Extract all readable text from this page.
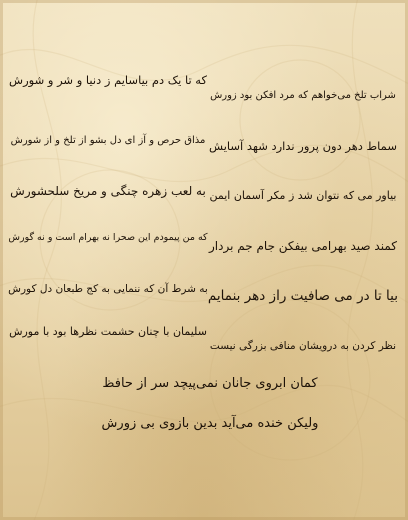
شراب تلخ می‌خواهم که مرد افکن بود زورش
که تا یک دم بیاسایم ز دنیا و شر و شورش
سماط دهر دون پرور ندارد شهد آسایش
مذاق حرص و آز ای دل بشو از تلخ و از شورش
بیاور می که نتوان شد ز مکر آسمان ایمن
به لعب زهره چنگی و مریخ سلحشورش
کمند صید بهرامی بیفکن جام جم بردار
که من پیمودم این صحرا نه بهرام است و نه گورش
بیا تا در می صافیت راز دهر بنمایم
به شرط آن که ننمایی به کج طبعان دل کورش
نظر کردن به درویشان منافی بزرگی نیست
سلیمان با چنان حشمت نظرها بود با مورش
کمان ابروی جانان نمی‌پیچد سر از حافظ
ولیکن خنده می‌آید بدین بازوی بی زورش
